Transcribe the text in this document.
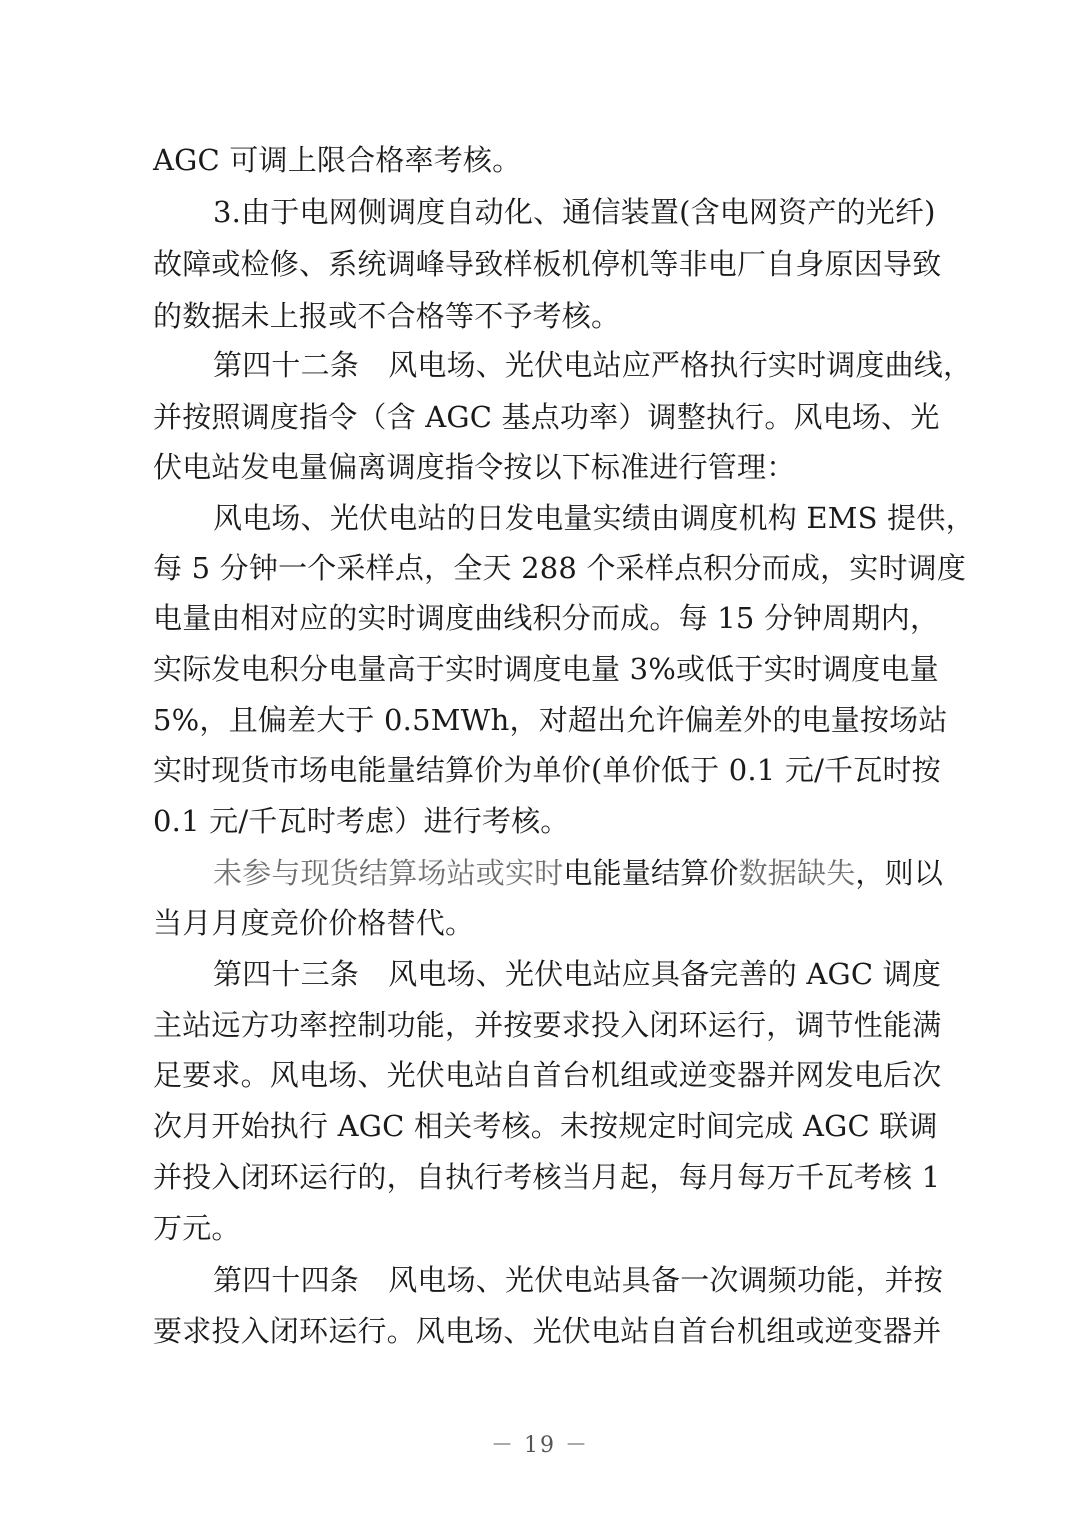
AGC 可调上限合格率考核。
3.由于电网侧调度自动化、通信装置(含电网资产的光纤)
故障或检修、系统调峰导致样板机停机等非电厂自身原因导致
的数据未上报或不合格等不予考核。
第四十二条　风电场、光伏电站应严格执行实时调度曲线，
并按照调度指令（含 AGC 基点功率）调整执行。风电场、光
伏电站发电量偏离调度指令按以下标准进行管理：
风电场、光伏电站的日发电量实绩由调度机构 EMS 提供，
每 5 分钟一个采样点，全天 288 个采样点积分而成，实时调度
电量由相对应的实时调度曲线积分而成。每 15 分钟周期内，
实际发电积分电量高于实时调度电量 3%或低于实时调度电量
5%，且偏差大于 0.5MWh，对超出允许偏差外的电量按场站
实时现货市场电能量结算价为单价(单价低于 0.1 元/千瓦时按
0.1 元/千瓦时考虑）进行考核。
未参与现货结算场站或实时电能量结算价数据缺失，则以
当月月度竞价价格替代。
第四十三条　风电场、光伏电站应具备完善的 AGC 调度
主站远方功率控制功能，并按要求投入闭环运行，调节性能满
足要求。风电场、光伏电站自首台机组或逆变器并网发电后次
次月开始执行 AGC 相关考核。未按规定时间完成 AGC 联调
并投入闭环运行的，自执行考核当月起，每月每万千瓦考核 1
万元。
第四十四条　风电场、光伏电站具备一次调频功能，并按
要求投入闭环运行。风电场、光伏电站自首台机组或逆变器并
－ 19 －
